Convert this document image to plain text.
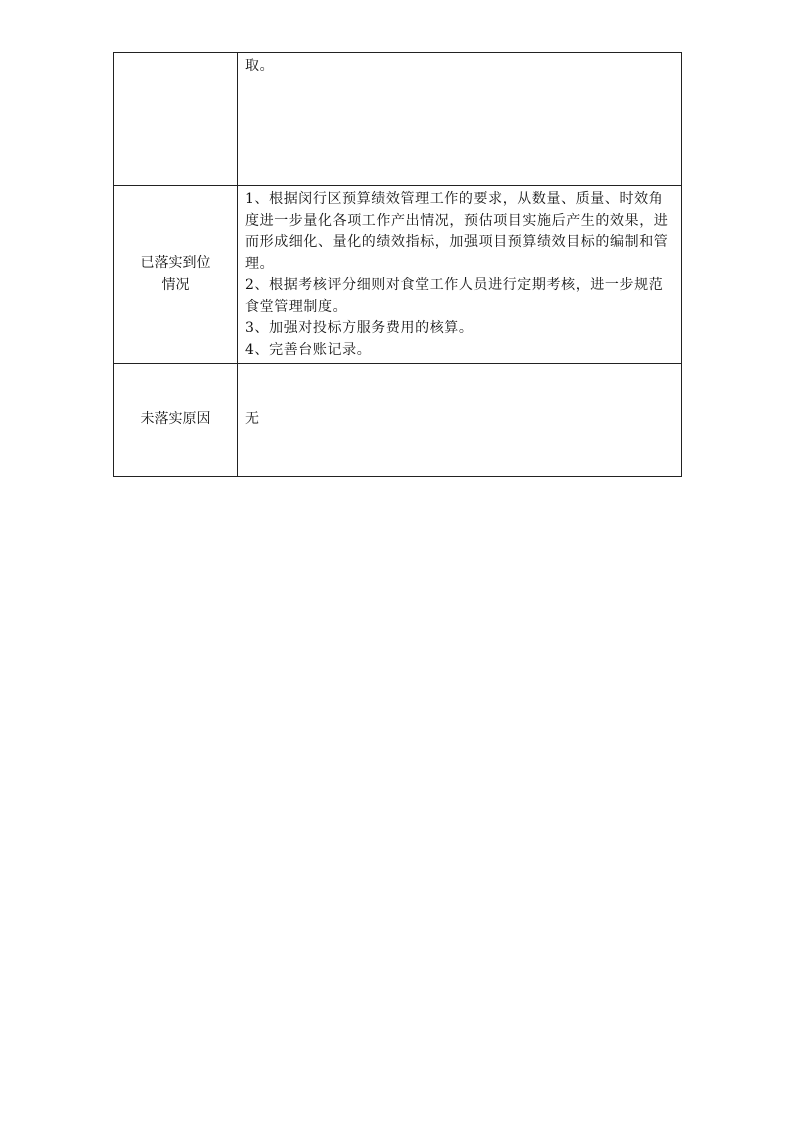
	取。

已落实到位
情况	1、根据闵行区预算绩效管理工作的要求，从数量、质量、时效角度进一步量化各项工作产出情况，预估项目实施后产生的效果，进而形成细化、量化的绩效指标，加强项目预算绩效目标的编制和管理。
2、根据考核评分细则对食堂工作人员进行定期考核，进一步规范食堂管理制度。
3、加强对投标方服务费用的核算。
4、完善台账记录。

未落实原因	无
